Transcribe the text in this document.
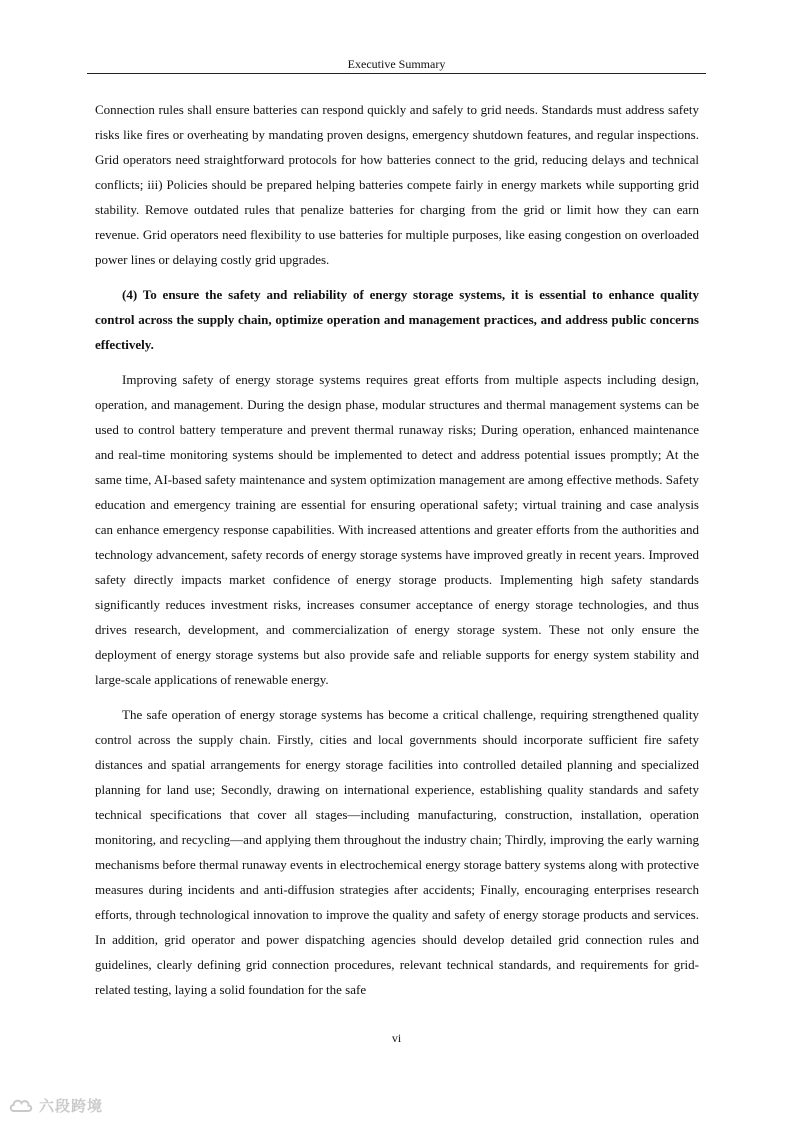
Executive Summary

Connection rules shall ensure batteries can respond quickly and safely to grid needs. Standards must address safety risks like fires or overheating by mandating proven designs, emergency shutdown features, and regular inspections. Grid operators need straightforward protocols for how batteries connect to the grid, reducing delays and technical conflicts; iii) Policies should be prepared helping batteries compete fairly in energy markets while supporting grid stability. Remove outdated rules that penalize batteries for charging from the grid or limit how they can earn revenue. Grid operators need flexibility to use batteries for multiple purposes, like easing congestion on overloaded power lines or delaying costly grid upgrades.

(4) To ensure the safety and reliability of energy storage systems, it is essential to enhance quality control across the supply chain, optimize operation and management practices, and address public concerns effectively.

Improving safety of energy storage systems requires great efforts from multiple aspects including design, operation, and management. During the design phase, modular structures and thermal management systems can be used to control battery temperature and prevent thermal runaway risks; During operation, enhanced maintenance and real-time monitoring systems should be implemented to detect and address potential issues promptly; At the same time, AI-based safety maintenance and system optimization management are among effective methods. Safety education and emergency training are essential for ensuring operational safety; virtual training and case analysis can enhance emergency response capabilities. With increased attentions and greater efforts from the authorities and technology advancement, safety records of energy storage systems have improved greatly in recent years. Improved safety directly impacts market confidence of energy storage products. Implementing high safety standards significantly reduces investment risks, increases consumer acceptance of energy storage technologies, and thus drives research, development, and commercialization of energy storage system. These not only ensure the deployment of energy storage systems but also provide safe and reliable supports for energy system stability and large-scale applications of renewable energy.

The safe operation of energy storage systems has become a critical challenge, requiring strengthened quality control across the supply chain. Firstly, cities and local governments should incorporate sufficient fire safety distances and spatial arrangements for energy storage facilities into controlled detailed planning and specialized planning for land use; Secondly, drawing on international experience, establishing quality standards and safety technical specifications that cover all stages—including manufacturing, construction, installation, operation monitoring, and recycling—and applying them throughout the industry chain; Thirdly, improving the early warning mechanisms before thermal runaway events in electrochemical energy storage battery systems along with protective measures during incidents and anti-diffusion strategies after accidents; Finally, encouraging enterprises research efforts, through technological innovation to improve the quality and safety of energy storage products and services. In addition, grid operator and power dispatching agencies should develop detailed grid connection rules and guidelines, clearly defining grid connection procedures, relevant technical standards, and requirements for grid-related testing, laying a solid foundation for the safe

vi
六段跨境
